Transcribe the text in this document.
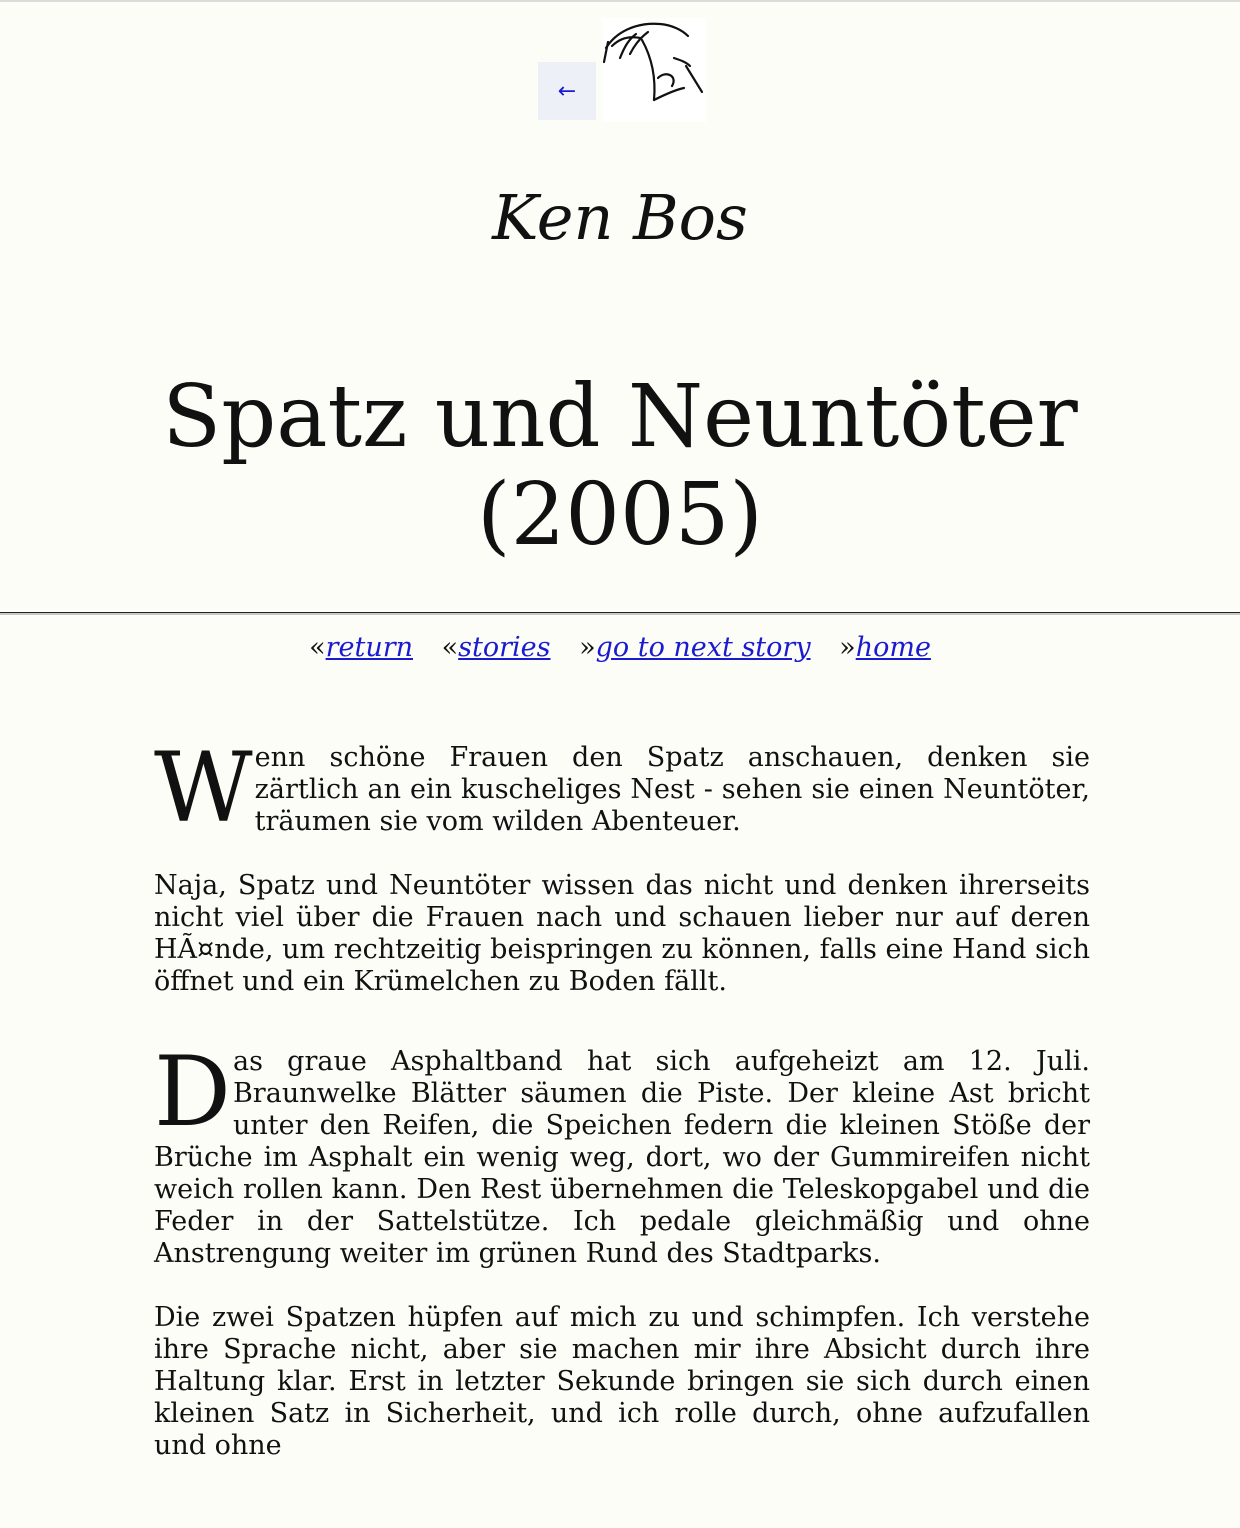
←
Ken Bos
Spatz und Neuntöter
(2005)
«return «stories »go to next story »home

Wenn schöne Frauen den Spatz anschauen, denken sie zärtlich an ein kuscheliges Nest - sehen sie einen Neuntöter, träumen sie vom wilden Abenteuer.

Naja, Spatz und Neuntöter wissen das nicht und denken ihrerseits nicht viel über die Frauen nach und schauen lieber nur auf deren HÃ¤nde, um rechtzeitig beispringen zu können, falls eine Hand sich öffnet und ein Krümelchen zu Boden fällt.

Das graue Asphaltband hat sich aufgeheizt am 12. Juli. Braunwelke Blätter säumen die Piste. Der kleine Ast bricht unter den Reifen, die Speichen federn die kleinen Stöße der Brüche im Asphalt ein wenig weg, dort, wo der Gummireifen nicht weich rollen kann. Den Rest übernehmen die Teleskopgabel und die Feder in der Sattelstütze. Ich pedale gleichmäßig und ohne Anstrengung weiter im grünen Rund des Stadtparks.

Die zwei Spatzen hüpfen auf mich zu und schimpfen. Ich verstehe ihre Sprache nicht, aber sie machen mir ihre Absicht durch ihre Haltung klar. Erst in letzter Sekunde bringen sie sich durch einen kleinen Satz in Sicherheit, und ich rolle durch, ohne aufzufallen und ohne
